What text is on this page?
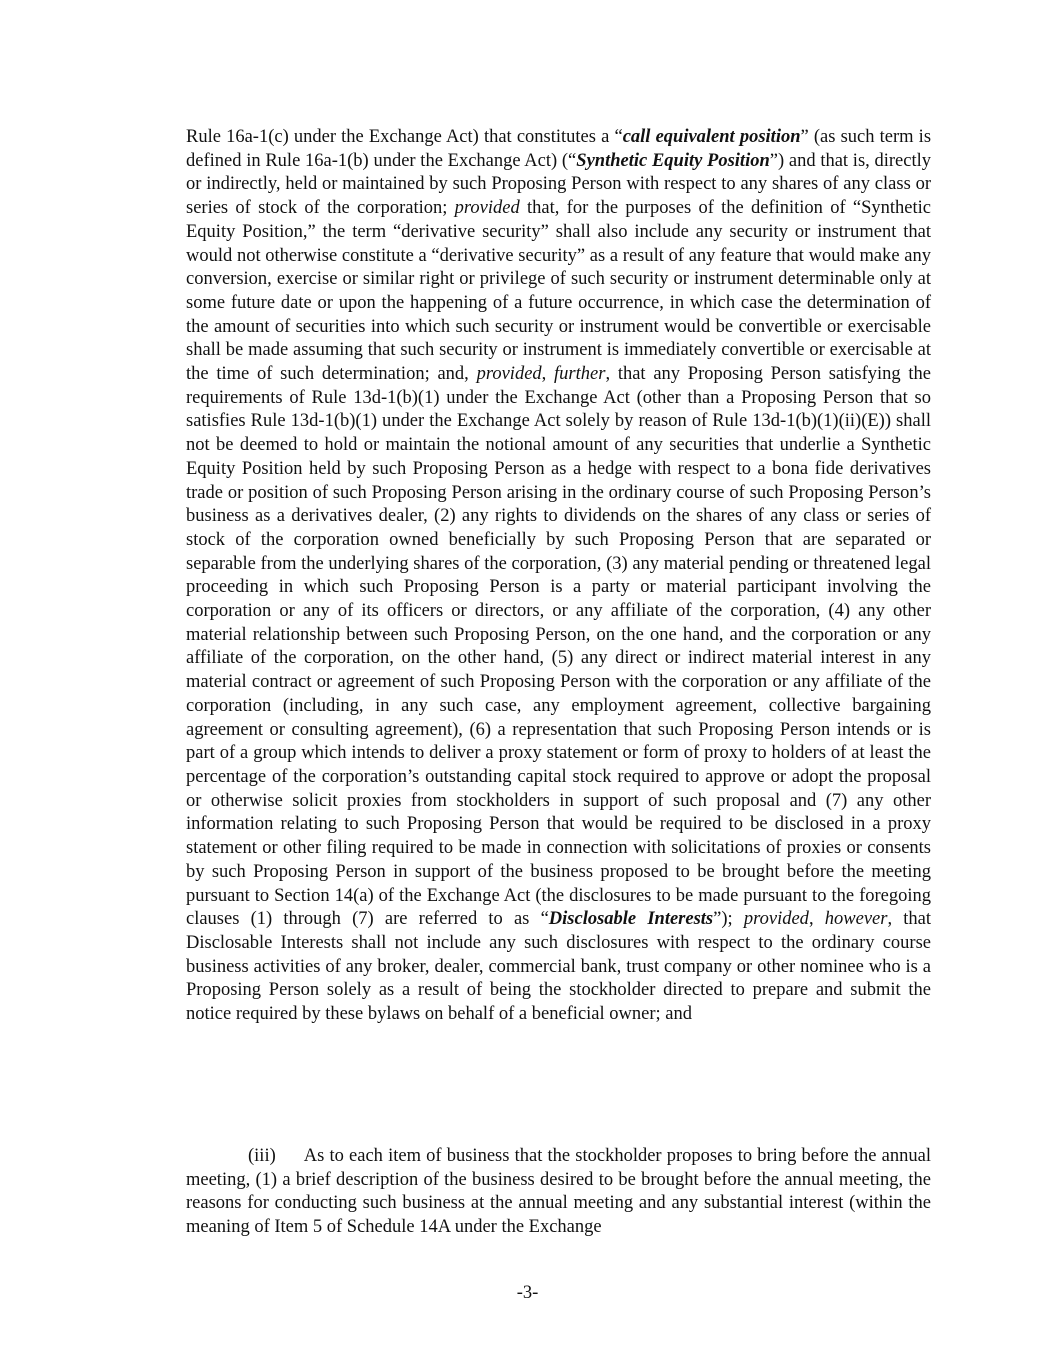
Rule 16a-1(c) under the Exchange Act) that constitutes a “call equivalent position” (as such term is defined in Rule 16a-1(b) under the Exchange Act) (“Synthetic Equity Position”) and that is, directly or indirectly, held or maintained by such Proposing Person with respect to any shares of any class or series of stock of the corporation; provided that, for the purposes of the definition of “Synthetic Equity Position,” the term “derivative security” shall also include any security or instrument that would not otherwise constitute a “derivative security” as a result of any feature that would make any conversion, exercise or similar right or privilege of such security or instrument determinable only at some future date or upon the happening of a future occurrence, in which case the determination of the amount of securities into which such security or instrument would be convertible or exercisable shall be made assuming that such security or instrument is immediately convertible or exercisable at the time of such determination; and, provided, further, that any Proposing Person satisfying the requirements of Rule 13d-1(b)(1) under the Exchange Act (other than a Proposing Person that so satisfies Rule 13d-1(b)(1) under the Exchange Act solely by reason of Rule 13d-1(b)(1)(ii)(E)) shall not be deemed to hold or maintain the notional amount of any securities that underlie a Synthetic Equity Position held by such Proposing Person as a hedge with respect to a bona fide derivatives trade or position of such Proposing Person arising in the ordinary course of such Proposing Person’s business as a derivatives dealer, (2) any rights to dividends on the shares of any class or series of stock of the corporation owned beneficially by such Proposing Person that are separated or separable from the underlying shares of the corporation, (3) any material pending or threatened legal proceeding in which such Proposing Person is a party or material participant involving the corporation or any of its officers or directors, or any affiliate of the corporation, (4) any other material relationship between such Proposing Person, on the one hand, and the corporation or any affiliate of the corporation, on the other hand, (5) any direct or indirect material interest in any material contract or agreement of such Proposing Person with the corporation or any affiliate of the corporation (including, in any such case, any employment agreement, collective bargaining agreement or consulting agreement), (6) a representation that such Proposing Person intends or is part of a group which intends to deliver a proxy statement or form of proxy to holders of at least the percentage of the corporation’s outstanding capital stock required to approve or adopt the proposal or otherwise solicit proxies from stockholders in support of such proposal and (7) any other information relating to such Proposing Person that would be required to be disclosed in a proxy statement or other filing required to be made in connection with solicitations of proxies or consents by such Proposing Person in support of the business proposed to be brought before the meeting pursuant to Section 14(a) of the Exchange Act (the disclosures to be made pursuant to the foregoing clauses (1) through (7) are referred to as “Disclosable Interests”); provided, however, that Disclosable Interests shall not include any such disclosures with respect to the ordinary course business activities of any broker, dealer, commercial bank, trust company or other nominee who is a Proposing Person solely as a result of being the stockholder directed to prepare and submit the notice required by these bylaws on behalf of a beneficial owner; and

(iii) As to each item of business that the stockholder proposes to bring before the annual meeting, (1) a brief description of the business desired to be brought before the annual meeting, the reasons for conducting such business at the annual meeting and any substantial interest (within the meaning of Item 5 of Schedule 14A under the Exchange

-3-
